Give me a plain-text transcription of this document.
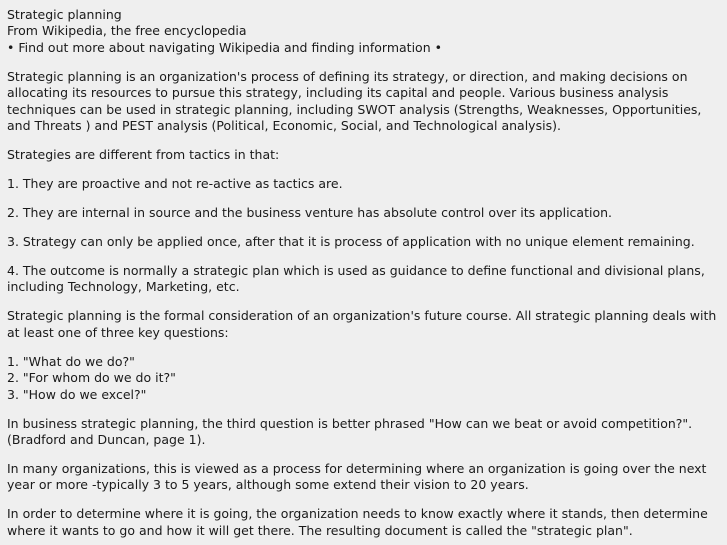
Strategic planning
From Wikipedia, the free encyclopedia
• Find out more about navigating Wikipedia and finding information •

Strategic planning is an organization's process of defining its strategy, or direction, and making decisions on allocating its resources to pursue this strategy, including its capital and people. Various business analysis techniques can be used in strategic planning, including SWOT analysis (Strengths, Weaknesses, Opportunities, and Threats ) and PEST analysis (Political, Economic, Social, and Technological analysis).

Strategies are different from tactics in that:

1. They are proactive and not re-active as tactics are.

2. They are internal in source and the business venture has absolute control over its application.

3. Strategy can only be applied once, after that it is process of application with no unique element remaining.

4. The outcome is normally a strategic plan which is used as guidance to define functional and divisional plans, including Technology, Marketing, etc.

Strategic planning is the formal consideration of an organization's future course. All strategic planning deals with at least one of three key questions:

1. "What do we do?"
2. "For whom do we do it?"
3. "How do we excel?"

In business strategic planning, the third question is better phrased "How can we beat or avoid competition?". (Bradford and Duncan, page 1).

In many organizations, this is viewed as a process for determining where an organization is going over the next year or more -typically 3 to 5 years, although some extend their vision to 20 years.

In order to determine where it is going, the organization needs to know exactly where it stands, then determine where it wants to go and how it will get there. The resulting document is called the "strategic plan".
